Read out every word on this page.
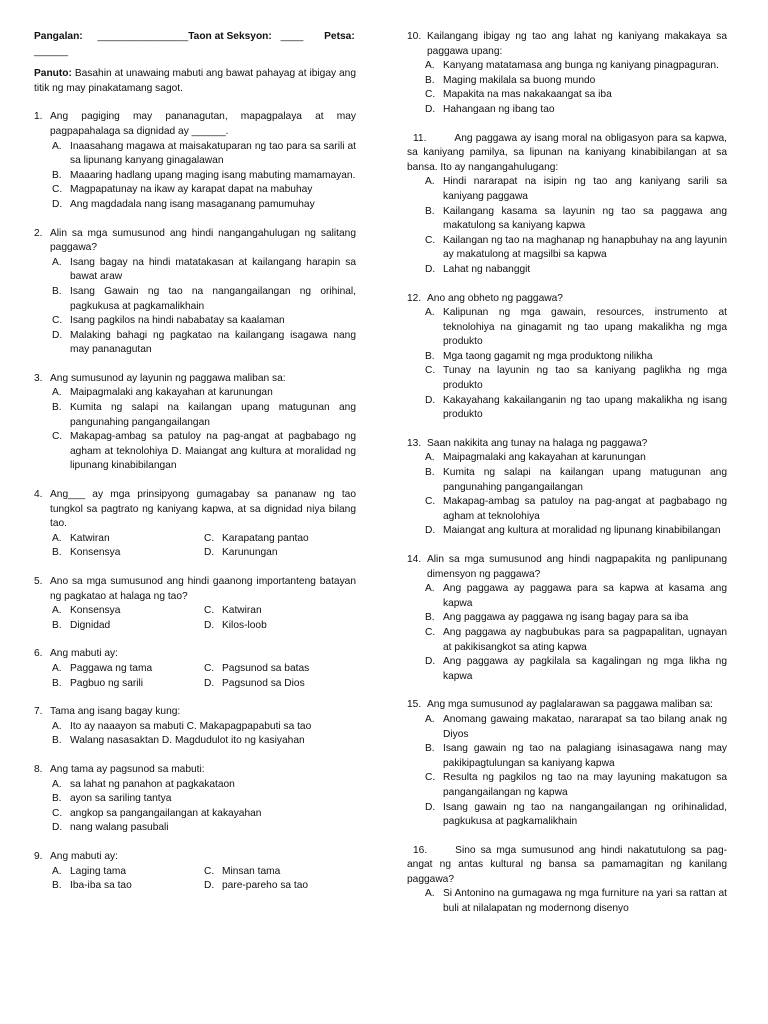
Pangalan: ________________Taon at Seksyon: ____ Petsa:
______
Panuto: Basahin at unawaing mabuti ang bawat pahayag at ibigay ang titik ng may pinakatamang sagot.
1. Ang pagiging may pananagutan, mapagpalaya at may pagpapahalaga sa dignidad ay ______.
A. Inaasahang magawa at maisakatuparan ng tao para sa sarili at sa lipunang kanyang ginagalawan
B. Maaaring hadlang upang maging isang mabuting mamamayan.
C. Magpapatunay na ikaw ay karapat dapat na mabuhay
D. Ang magdadala nang isang masaganang pamumuhay
2. Alin sa mga sumusunod ang hindi nangangahulugan ng salitang paggawa?
A. Isang bagay na hindi matatakasan at kailangang harapin sa bawat araw
B. Isang Gawain ng tao na nangangailangan ng orihinal, pagkukusa at pagkamalikhain
C. Isang pagkilos na hindi nababatay sa kaalaman
D. Malaking bahagi ng pagkatao na kailangang isagawa nang may pananagutan
3. Ang sumusunod ay layunin ng paggawa maliban sa:
A. Maipagmalaki ang kakayahan at karunungan
B. Kumita ng salapi na kailangan upang matugunan ang pangunahing pangangailangan
C. Makapag-ambag sa patuloy na pag-angat at pagbabago ng agham at teknolohiya D. Maiangat ang kultura at moralidad ng lipunang kinabibilangan
4. Ang___ ay mga prinsipyong gumagabay sa pananaw ng tao tungkol sa pagtrato ng kaniyang kapwa, at sa dignidad niya bilang tao.
A. Katwiran	C. Karapatang pantao
B. Konsensya	D. Karunungan
5. Ano sa mga sumusunod ang hindi gaanong importanteng batayan ng pagkatao at halaga ng tao?
A. Konsensya	C. Katwiran
B. Dignidad	D. Kilos-loob
6. Ang mabuti ay:
A. Paggawa ng tama	C. Pagsunod sa batas
B. Pagbuo ng sarili	D. Pagsunod sa Dios
7. Tama ang isang bagay kung:
A. Ito ay naaayon sa mabuti C. Makapagpapabuti sa tao
B. Walang nasasaktan D. Magdudulot ito ng kasiyahan
8. Ang tama ay pagsunod sa mabuti:
A. sa lahat ng panahon at pagkakataon
B. ayon sa sariling tantya
C. angkop sa pangangailangan at kakayahan
D. nang walang pasubali
9. Ang mabuti ay:
A. Laging tama	C. Minsan tama
B. Iba-iba sa tao	D. pare-pareho sa tao
10. Kailangang ibigay ng tao ang lahat ng kaniyang makakaya sa paggawa upang:
A. Kanyang matatamasa ang bunga ng kaniyang pinagpaguran.
B. Maging makilala sa buong mundo
C. Mapakita na mas nakakaangat sa iba
D. Hahangaan ng ibang tao
11.	Ang paggawa ay isang moral na obligasyon para sa kapwa, sa kaniyang pamilya, sa lipunan na kaniyang kinabibilangan at sa bansa. Ito ay nangangahulugang:
A. Hindi nararapat na isipin ng tao ang kaniyang sarili sa kaniyang paggawa
B. Kailangang kasama sa layunin ng tao sa paggawa ang makatulong sa kaniyang kapwa
C. Kailangan ng tao na maghanap ng hanapbuhay na ang layunin ay makatulong at magsilbi sa kapwa
D. Lahat ng nabanggit
12. Ano ang obheto ng paggawa?
A. Kalipunan ng mga gawain, resources, instrumento at teknolohiya na ginagamit ng tao upang makalikha ng mga produkto
B. Mga taong gagamit ng mga produktong nilikha
C. Tunay na layunin ng tao sa kaniyang paglikha ng mga produkto
D. Kakayahang kakailanganin ng tao upang makalikha ng isang produkto
13. Saan nakikita ang tunay na halaga ng paggawa?
A. Maipagmalaki ang kakayahan at karunungan
B. Kumita ng salapi na kailangan upang matugunan ang pangunahing pangangailangan
C. Makapag-ambag sa patuloy na pag-angat at pagbabago ng agham at teknolohiya
D. Maiangat ang kultura at moralidad ng lipunang kinabibilangan
14. Alin sa mga sumusunod ang hindi nagpapakita ng panlipunang dimensyon ng paggawa?
A. Ang paggawa ay paggawa para sa kapwa at kasama ang kapwa
B. Ang paggawa ay paggawa ng isang bagay para sa iba
C. Ang paggawa ay nagbubukas para sa pagpapalitan, ugnayan at pakikisangkot sa ating kapwa
D. Ang paggawa ay pagkilala sa kagalingan ng mga likha ng kapwa
15. Ang mga sumusunod ay paglalarawan sa paggawa maliban sa:
A. Anomang gawaing makatao, nararapat sa tao bilang anak ng Diyos
B. Isang gawain ng tao na palagiang isinasagawa nang may pakikipagtulungan sa kaniyang kapwa
C. Resulta ng pagkilos ng tao na may layuning makatugon sa pangangailangan ng kapwa
D. Isang gawain ng tao na nangangailangan ng orihinalidad, pagkukusa at pagkamalikhain
16.	Sino sa mga sumusunod ang hindi nakatutulong sa pag-angat ng antas kultural ng bansa sa pamamagitan ng kanilang paggawa?
A. Si Antonino na gumagawa ng mga furniture na yari sa rattan at buli at nilalapatan ng modernong disenyo
